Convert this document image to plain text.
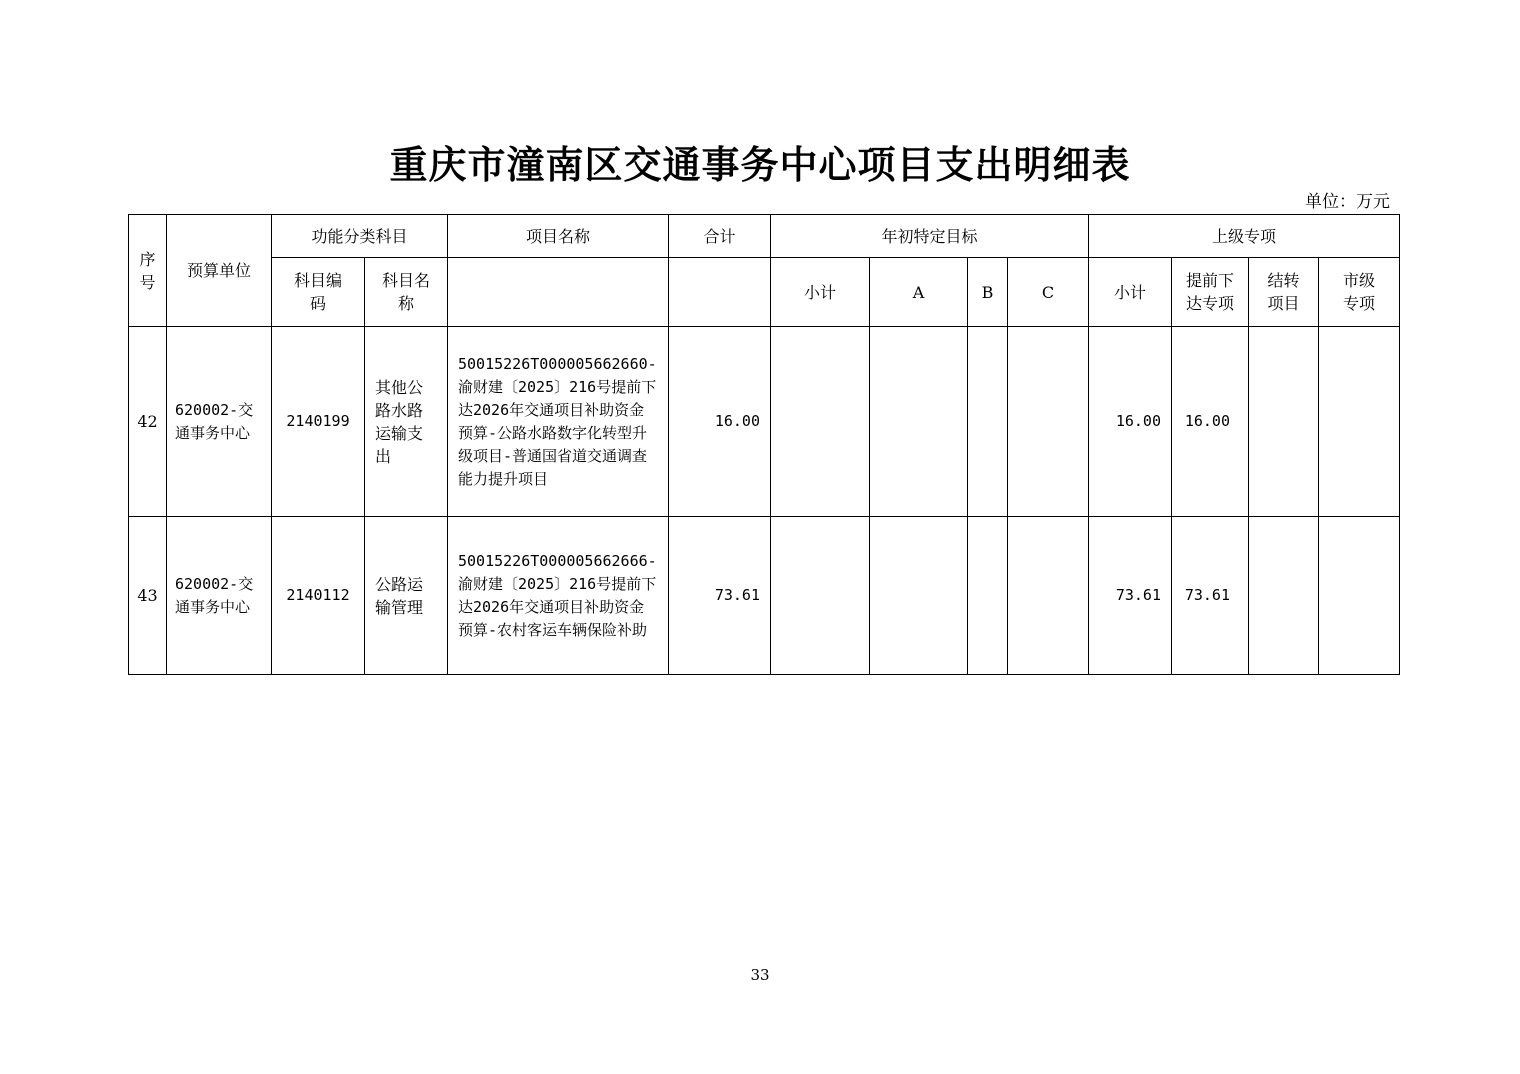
重庆市潼南区交通事务中心项目支出明细表
单位：万元
序号	预算单位	功能分类科目		项目名称	合计	年初特定目标				上级专项			
		科目编码	科目名称			小计	A	B	C	小计	提前下达专项	结转项目	市级专项
42	620002-交通事务中心	2140199	其他公路水路运输支出	50015226T000005662660-渝财建〔2025〕216号提前下达2026年交通项目补助资金预算-公路水路数字化转型升级项目-普通国省道交通调查能力提升项目	16.00					16.00	16.00		
43	620002-交通事务中心	2140112	公路运输管理	50015226T000005662666-渝财建〔2025〕216号提前下达2026年交通项目补助资金预算-农村客运车辆保险补助	73.61					73.61	73.61		
33
